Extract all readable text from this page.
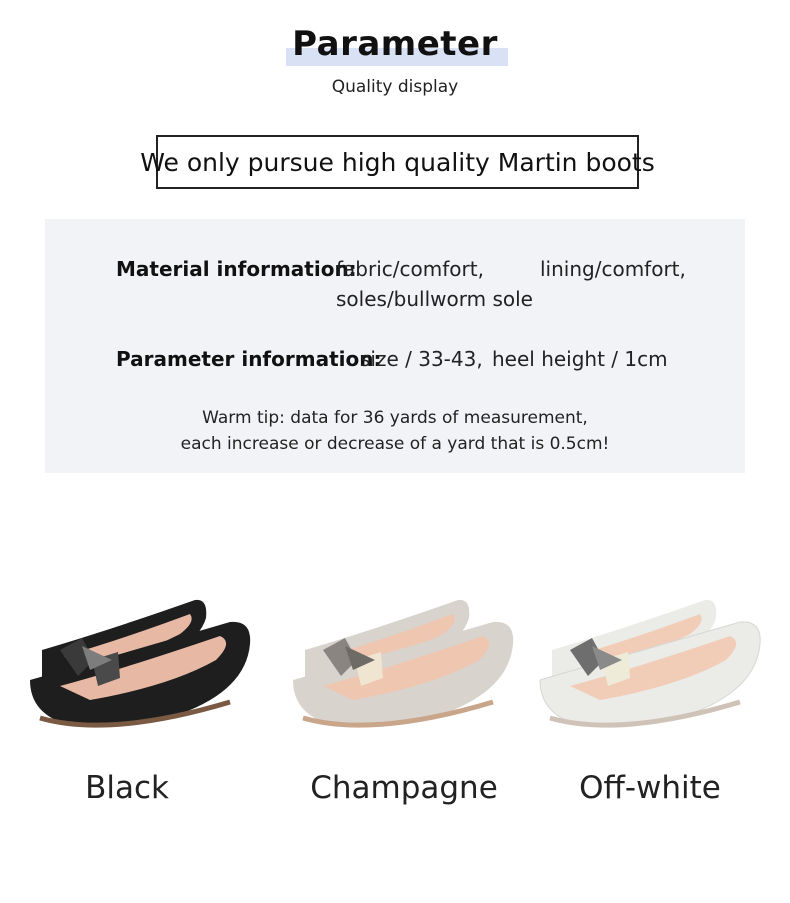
Parameter
Quality display
We only pursue high quality Martin boots
Material information:
fabric/comfort,	lining/comfort,
soles/bullworm sole
Parameter information:
size / 33-43, heel height / 1cm
Warm tip: data for 36 yards of measurement,
each increase or decrease of a yard that is 0.5cm!
Black	Champagne	Off-white
